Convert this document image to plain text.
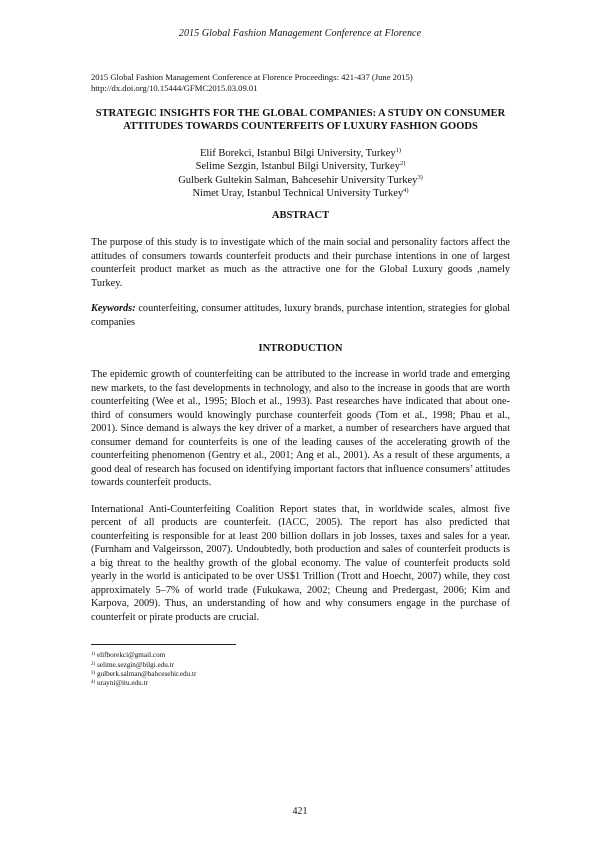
2015 Global Fashion Management Conference at Florence
2015 Global Fashion Management Conference at Florence Proceedings: 421-437 (June 2015)
http://dx.doi.org/10.15444/GFMC2015.03.09.01
STRATEGIC INSIGHTS FOR THE GLOBAL COMPANIES: A STUDY ON CONSUMER ATTITUDES TOWARDS COUNTERFEITS OF LUXURY FASHION GOODS
Elif Borekci, Istanbul Bilgi University, Turkey$^{1)}$
Selime Sezgin, Istanbul Bilgi University, Turkey$^{2)}$
Gulberk Gultekin Salman, Bahcesehir University Turkey$^{3)}$
Nimet Uray, Istanbul Technical University Turkey$^{4)}$
ABSTRACT

The purpose of this study is to investigate which of the main social and personality factors affect the attitudes of consumers towards counterfeit products and their purchase intentions in one of largest counterfeit product market as much as the attractive one for the Global Luxury goods ,namely Turkey.

Keywords: counterfeiting, consumer attitudes, luxury brands, purchase intention, strategies for global companies

INTRODUCTION

The epidemic growth of counterfeiting can be attributed to the increase in world trade and emerging new markets, to the fast developments in technology, and also to the increase in goods that are worth counterfeiting (Wee et al., 1995; Bloch et al., 1993). Past researches have indicated that about one- third of consumers would knowingly purchase counterfeit goods (Tom et al., 1998; Phau et al., 2001). Since demand is always the key driver of a market, a number of researchers have argued that consumer demand for counterfeits is one of the leading causes of the accelerating growth of the counterfeiting phenomenon (Gentry et al., 2001; Ang et al., 2001). As a result of these arguments, a good deal of research has focused on identifying important factors that influence consumers’ attitudes towards counterfeit products.

International Anti-Counterfeiting Coalition Report states that, in worldwide scales, almost five percent of all products are counterfeit. (IACC, 2005). The report has also predicted that counterfeiting is responsible for at least 200 billion dollars in job losses, taxes and sales for a year. (Furnham and Valgeirsson, 2007). Undoubtedly, both production and sales of counterfeit products is a big threat to the healthy growth of the global economy. The value of counterfeit products sold yearly in the world is anticipated to be over US$1 Trillion (Trott and Hoecht, 2007) while, they cost approximately 5–7% of world trade (Fukukawa, 2002; Cheung and Predergast, 2006; Kim and Karpova, 2009). Thus, an understanding of how and why consumers engage in the purchase of counterfeit or pirate products are crucial.

$^{1)}$ elifborekci@gmail.com
$^{2)}$ selime.sezgin@bilgi.edu.tr
$^{3)}$ gulberk.salman@bahcesehir.edu.tr
$^{4)}$ urayni@itu.edu.tr
421
